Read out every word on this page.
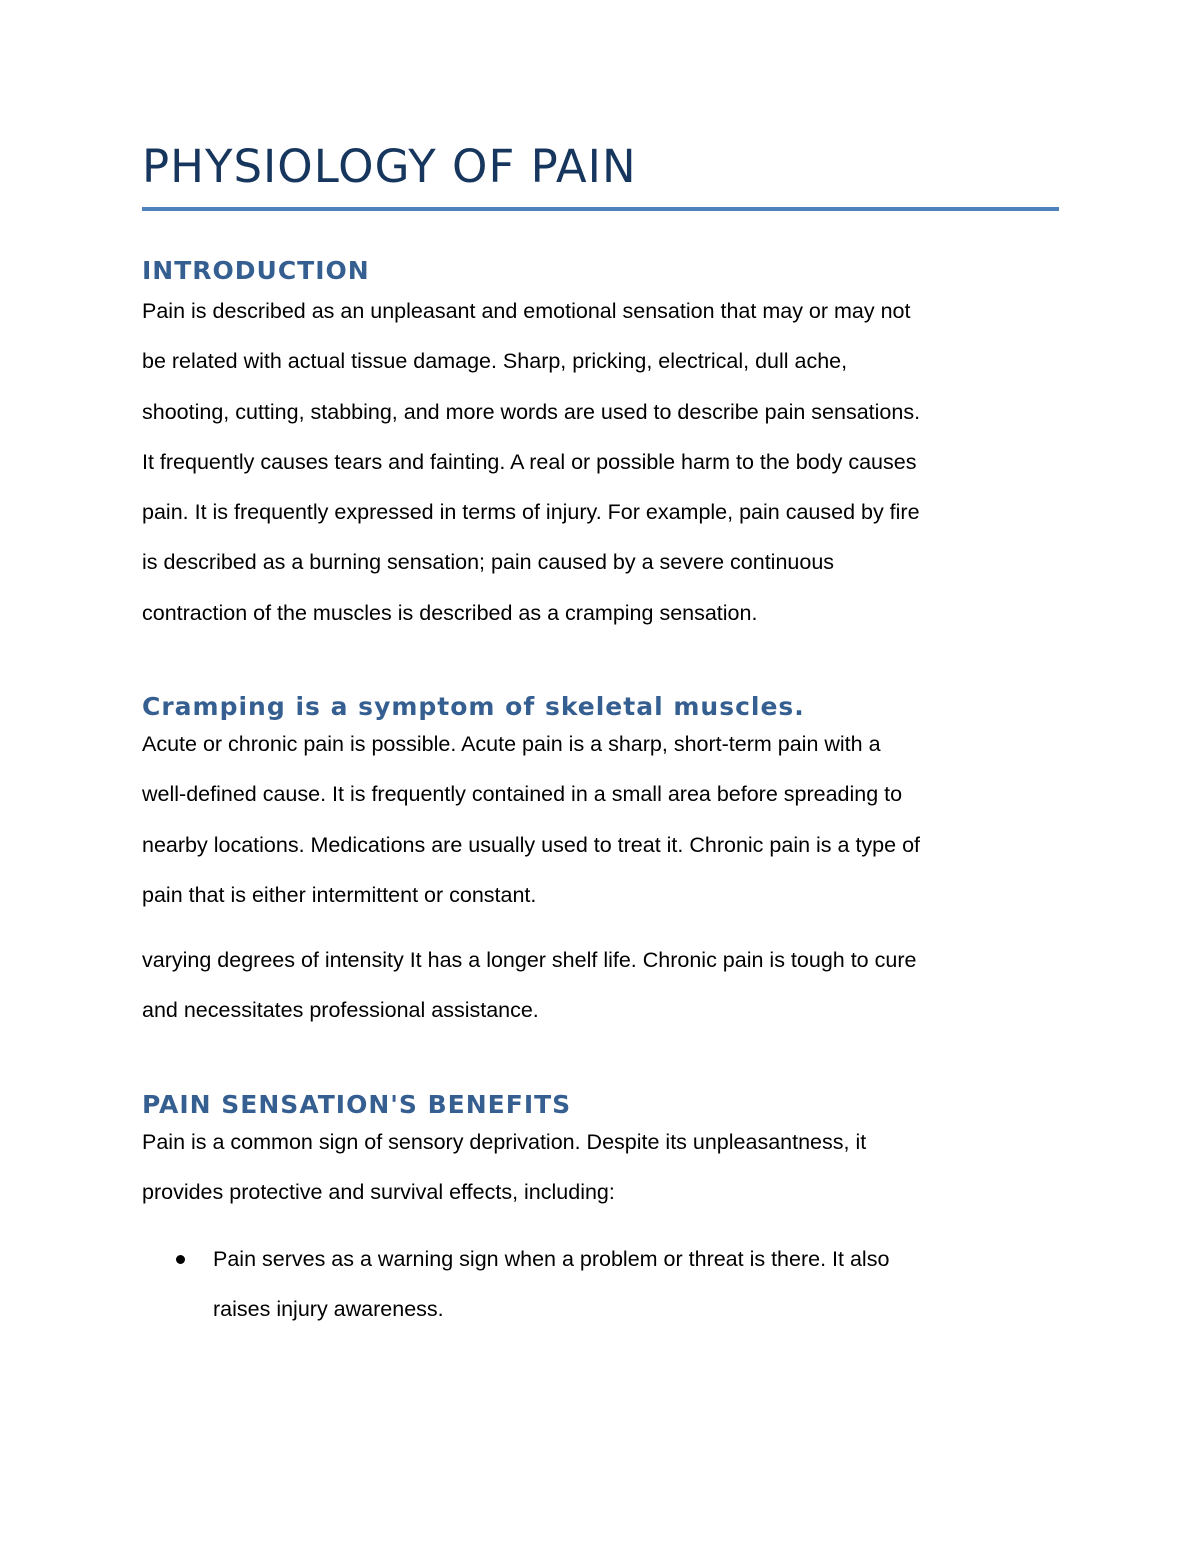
PHYSIOLOGY OF PAIN
INTRODUCTION

Pain is described as an unpleasant and emotional sensation that may or may not
be related with actual tissue damage. Sharp, pricking, electrical, dull ache,
shooting, cutting, stabbing, and more words are used to describe pain sensations.
It frequently causes tears and fainting. A real or possible harm to the body causes
pain. It is frequently expressed in terms of injury. For example, pain caused by fire
is described as a burning sensation; pain caused by a severe continuous
contraction of the muscles is described as a cramping sensation.

Cramping is a symptom of skeletal muscles.

Acute or chronic pain is possible. Acute pain is a sharp, short-term pain with a
well-defined cause. It is frequently contained in a small area before spreading to
nearby locations. Medications are usually used to treat it. Chronic pain is a type of
pain that is either intermittent or constant.

varying degrees of intensity It has a longer shelf life. Chronic pain is tough to cure
and necessitates professional assistance.

PAIN SENSATION'S BENEFITS

Pain is a common sign of sensory deprivation. Despite its unpleasantness, it
provides protective and survival effects, including:

Pain serves as a warning sign when a problem or threat is there. It also
raises injury awareness.
